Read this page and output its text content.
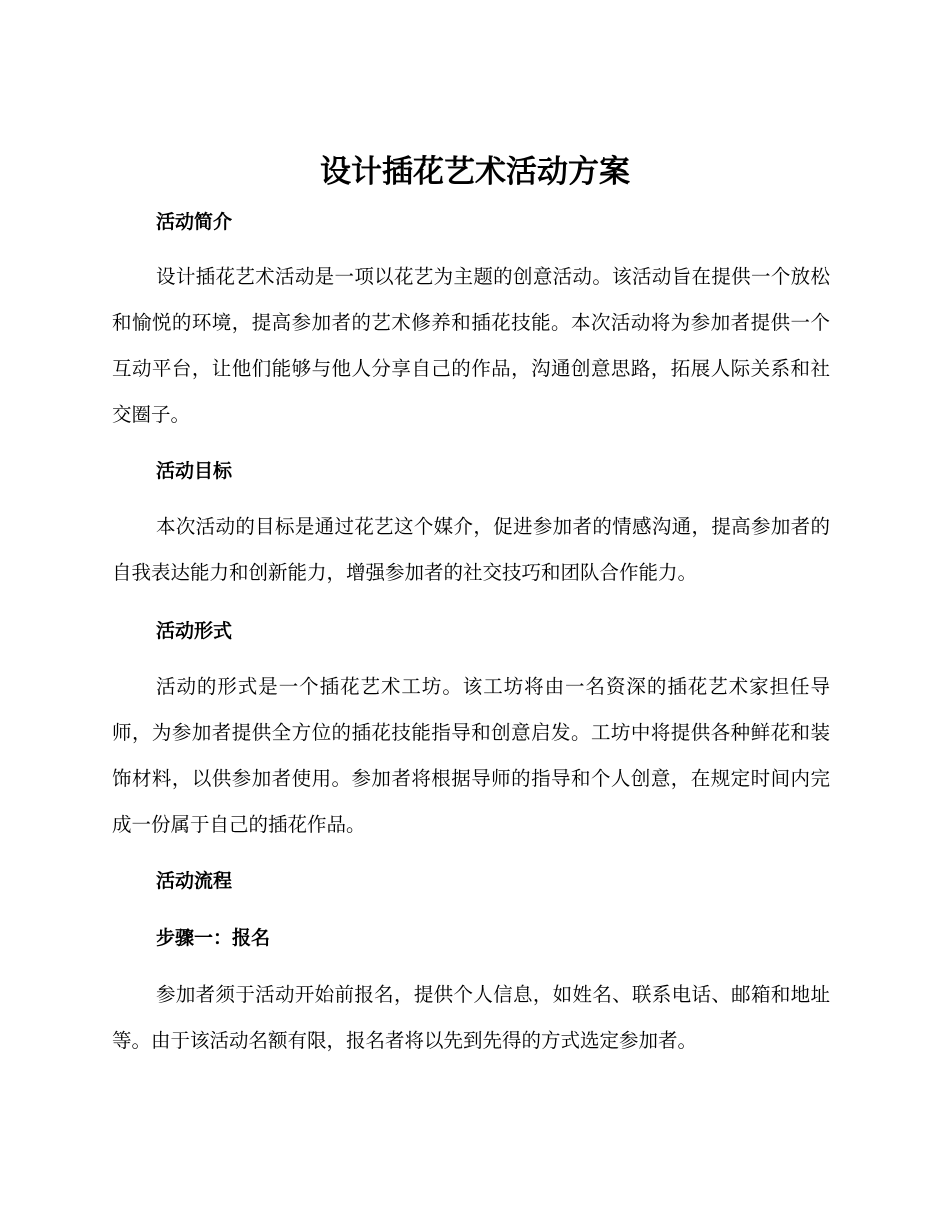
设计插花艺术活动方案
活动简介

设计插花艺术活动是一项以花艺为主题的创意活动。该活动旨在提供一个放松和愉悦的环境，提高参加者的艺术修养和插花技能。本次活动将为参加者提供一个互动平台，让他们能够与他人分享自己的作品，沟通创意思路，拓展人际关系和社交圈子。

活动目标

本次活动的目标是通过花艺这个媒介，促进参加者的情感沟通，提高参加者的自我表达能力和创新能力，增强参加者的社交技巧和团队合作能力。

活动形式

活动的形式是一个插花艺术工坊。该工坊将由一名资深的插花艺术家担任导师，为参加者提供全方位的插花技能指导和创意启发。工坊中将提供各种鲜花和装饰材料，以供参加者使用。参加者将根据导师的指导和个人创意，在规定时间内完成一份属于自己的插花作品。

活动流程
步骤一：报名

参加者须于活动开始前报名，提供个人信息，如姓名、联系电话、邮箱和地址等。由于该活动名额有限，报名者将以先到先得的方式选定参加者。
